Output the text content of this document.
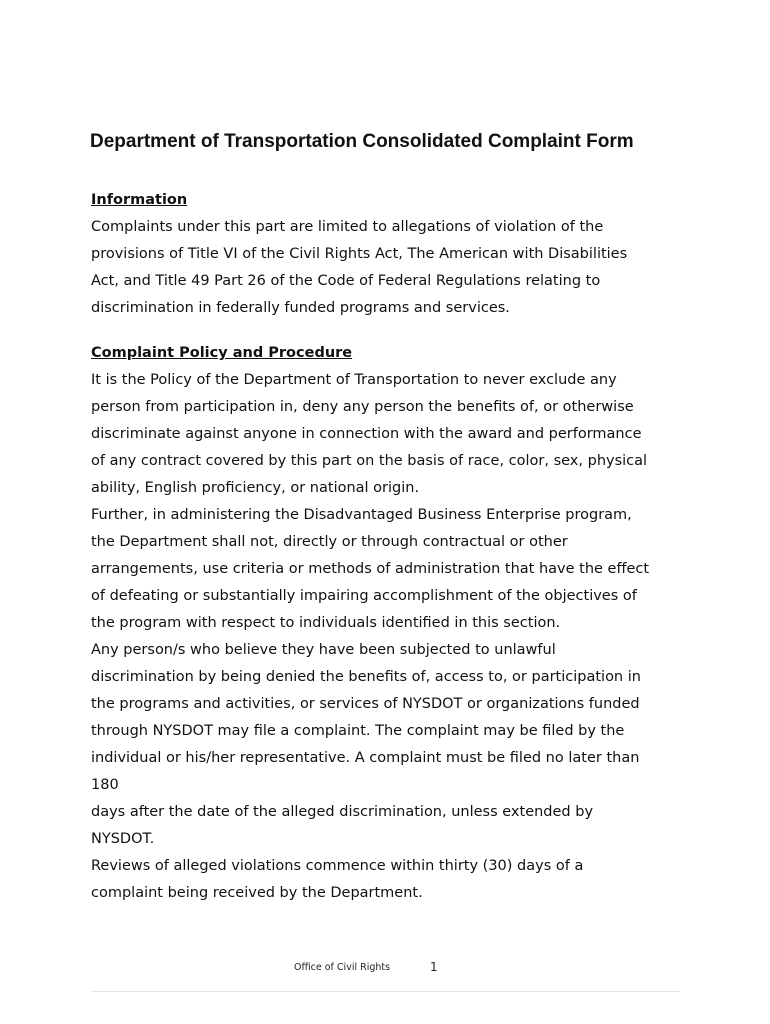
Department of Transportation Consolidated Complaint Form
Information
Complaints under this part are limited to allegations of violation of the
provisions of Title VI of the Civil Rights Act, The American with Disabilities
Act, and Title 49 Part 26 of the Code of Federal Regulations relating to
discrimination in federally funded programs and services.
Complaint Policy and Procedure
It is the Policy of the Department of Transportation to never exclude any
person from participation in, deny any person the benefits of, or otherwise
discriminate against anyone in connection with the award and performance
of any contract covered by this part on the basis of race, color, sex, physical
ability, English proficiency, or national origin.
Further, in administering the Disadvantaged Business Enterprise program,
the Department shall not, directly or through contractual or other
arrangements, use criteria or methods of administration that have the effect
of defeating or substantially impairing accomplishment of the objectives of
the program with respect to individuals identified in this section.
Any person/s who believe they have been subjected to unlawful
discrimination by being denied the benefits of, access to, or participation in
the programs and activities, or services of NYSDOT or organizations funded
through NYSDOT may file a complaint. The complaint may be filed by the
individual or his/her representative. A complaint must be filed no later than
180
days after the date of the alleged discrimination, unless extended by
NYSDOT.
Reviews of alleged violations commence within thirty (30) days of a
complaint being received by the Department.
Office of Civil Rights	1
